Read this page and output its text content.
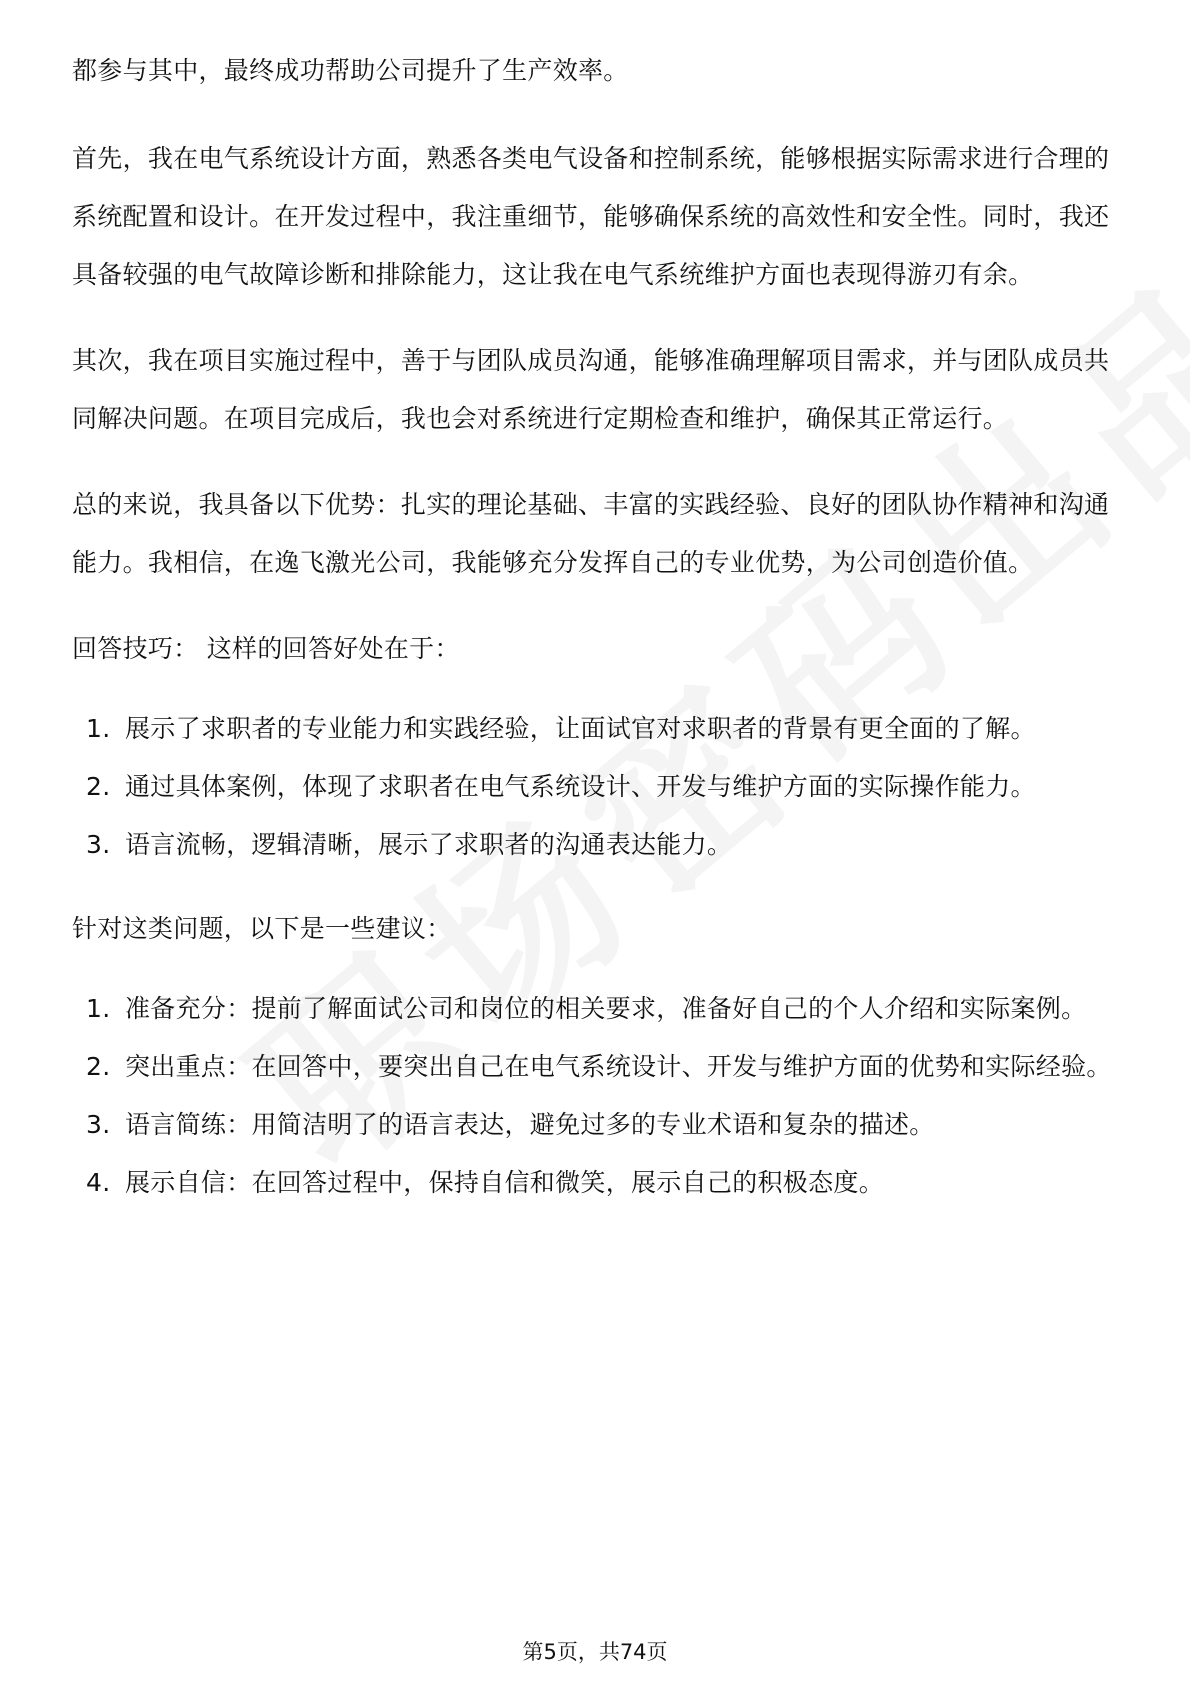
都参与其中，最终成功帮助公司提升了生产效率。

首先，我在电气系统设计方面，熟悉各类电气设备和控制系统，能够根据实际需求进行合理的系统配置和设计。在开发过程中，我注重细节，能够确保系统的高效性和安全性。同时，我还具备较强的电气故障诊断和排除能力，这让我在电气系统维护方面也表现得游刃有余。

其次，我在项目实施过程中，善于与团队成员沟通，能够准确理解项目需求，并与团队成员共同解决问题。在项目完成后，我也会对系统进行定期检查和维护，确保其正常运行。

总的来说，我具备以下优势：扎实的理论基础、丰富的实践经验、良好的团队协作精神和沟通能力。我相信，在逸飞激光公司，我能够充分发挥自己的专业优势，为公司创造价值。

回答技巧： 这样的回答好处在于：

1. 展示了求职者的专业能力和实践经验，让面试官对求职者的背景有更全面的了解。
2. 通过具体案例，体现了求职者在电气系统设计、开发与维护方面的实际操作能力。
3. 语言流畅，逻辑清晰，展示了求职者的沟通表达能力。

针对这类问题，以下是一些建议：

1. 准备充分：提前了解面试公司和岗位的相关要求，准备好自己的个人介绍和实际案例。
2. 突出重点：在回答中，要突出自己在电气系统设计、开发与维护方面的优势和实际经验。
3. 语言简练：用简洁明了的语言表达，避免过多的专业术语和复杂的描述。
4. 展示自信：在回答过程中，保持自信和微笑，展示自己的积极态度。
第5页，共74页
